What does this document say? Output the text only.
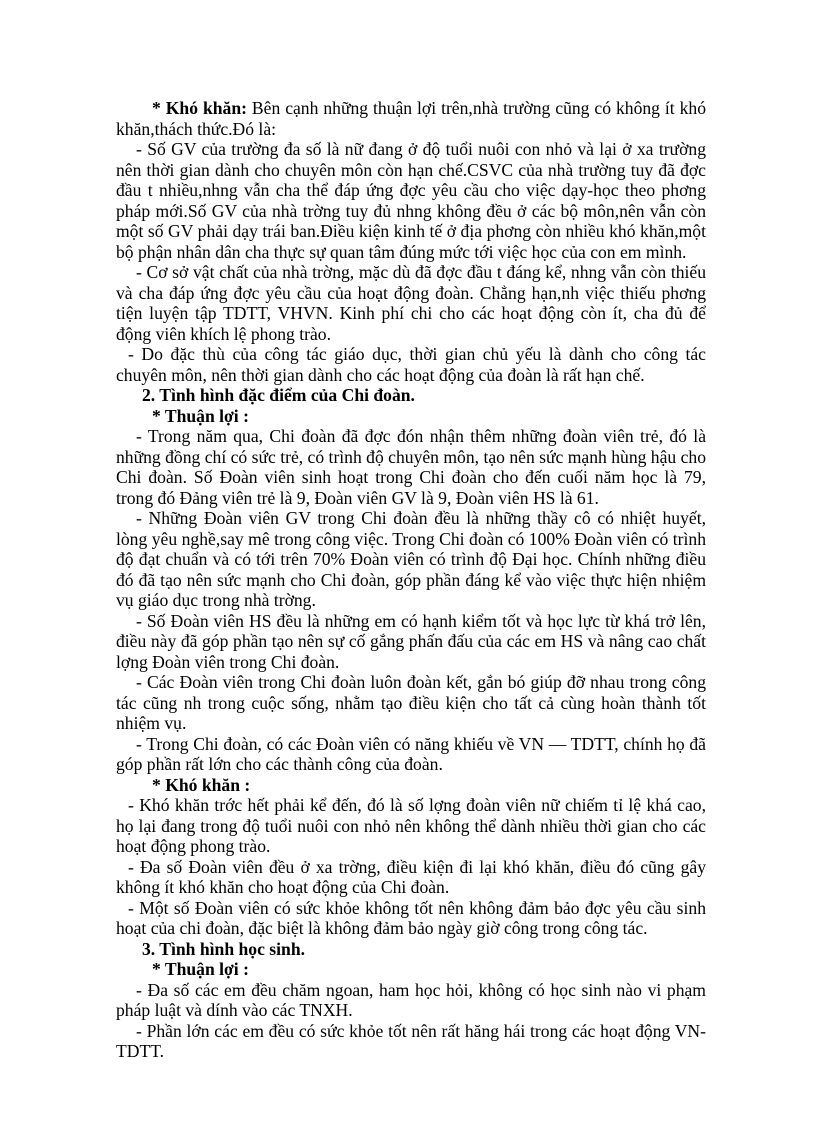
* Khó khăn: Bên cạnh những thuận lợi trên,nhà trường cũng có không ít khó khăn,thách thức.Đó là:

- Số GV của trường đa số là nữ đang ở độ tuổi nuôi con nhỏ và lại ở xa trường nên thời gian dành cho chuyên môn còn hạn chế.CSVC của nhà trường tuy đã đợc đầu t nhiều,nhng vẫn cha thể đáp ứng đợc yêu cầu cho việc dạy-học theo phơng pháp mới.Số GV của nhà trờng tuy đủ nhng không đều ở các bộ môn,nên vẫn còn một số GV phải dạy trái ban.Điều kiện kinh tế ở địa phơng còn nhiều khó khăn,một bộ phận nhân dân cha thực sự quan tâm đúng mức tới việc học của con em mình.

- Cơ sở vật chất của nhà trờng, mặc dù đã đợc đầu t đáng kể, nhng vẫn còn thiếu và cha đáp ứng đợc yêu cầu của hoạt động đoàn. Chẳng hạn,nh việc thiếu phơng tiện luyện tập TDTT, VHVN. Kinh phí chi cho các hoạt động còn ít, cha đủ để động viên khích lệ phong trào.

- Do đặc thù của công tác giáo dục, thời gian chủ yếu là dành cho công tác chuyên môn, nên thời gian dành cho các hoạt động của đoàn là rất hạn chế.

2. Tình hình đặc điểm của Chi đoàn.

* Thuận lợi :

- Trong năm qua, Chi đoàn đã đợc đón nhận thêm những đoàn viên trẻ, đó là những đồng chí có sức trẻ, có trình độ chuyên môn, tạo nên sức mạnh hùng hậu cho Chi đoàn. Số Đoàn viên sinh hoạt trong Chi đoàn cho đến cuối năm học là 79, trong đó Đảng viên trẻ là 9, Đoàn viên GV là 9, Đoàn viên HS là 61.

- Những Đoàn viên GV trong Chi đoàn đều là những thầy cô có nhiệt huyết, lòng yêu nghề,say mê trong công việc. Trong Chi đoàn có 100% Đoàn viên có trình độ đạt chuẩn và có tới trên 70% Đoàn viên có trình độ Đại học. Chính những điều đó đã tạo nên sức mạnh cho Chi đoàn, góp phần đáng kể vào việc thực hiện nhiệm vụ giáo dục trong nhà trờng.

- Số Đoàn viên HS đều là những em có hạnh kiểm tốt và học lực từ khá trở lên, điều này đã góp phần tạo nên sự cố gắng phấn đấu của các em HS và nâng cao chất lợng Đoàn viên trong Chi đoàn.

- Các Đoàn viên trong Chi đoàn luôn đoàn kết, gắn bó giúp đỡ nhau trong công tác cũng nh trong cuộc sống, nhằm tạo điều kiện cho tất cả cùng hoàn thành tốt nhiệm vụ.

- Trong Chi đoàn, có các Đoàn viên có năng khiếu về VN — TDTT, chính họ đã góp phần rất lớn cho các thành công của đoàn.

* Khó khăn :

- Khó khăn trớc hết phải kể đến, đó là số lợng đoàn viên nữ chiếm tỉ lệ khá cao, họ lại đang trong độ tuổi nuôi con nhỏ nên không thể dành nhiều thời gian cho các hoạt động phong trào.

- Đa số Đoàn viên đều ở xa trờng, điều kiện đi lại khó khăn, điều đó cũng gây không ít khó khăn cho hoạt động của Chi đoàn.

- Một số Đoàn viên có sức khỏe không tốt nên không đảm bảo đợc yêu cầu sinh hoạt của chi đoàn, đặc biệt là không đảm bảo ngày giờ công trong công tác.

3. Tình hình học sinh.

* Thuận lợi :

- Đa số các em đều chăm ngoan, ham học hỏi, không có học sinh nào vi phạm pháp luật và dính vào các TNXH.

- Phần lớn các em đều có sức khỏe tốt nên rất hăng hái trong các hoạt động VN-TDTT.
